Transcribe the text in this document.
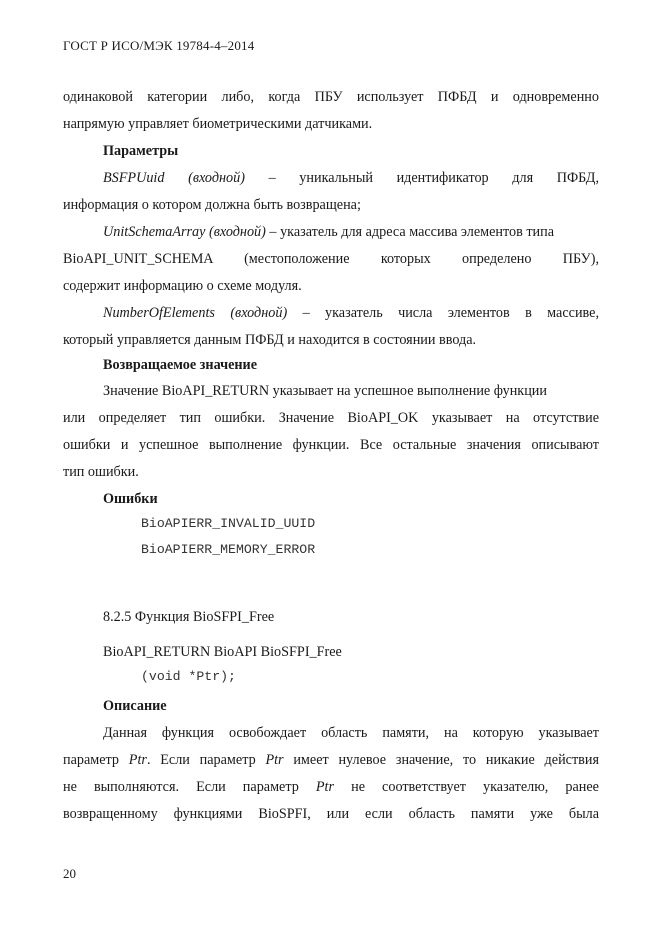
ГОСТ Р ИСО/МЭК 19784-4–2014
одинаковой категории либо, когда ПБУ использует ПФБД и одновременно
напрямую управляет биометрическими датчиками.
Параметры
BSFPUuid (входной) – уникальный идентификатор для ПФБД,
информация о котором должна быть возвращена;
UnitSchemaArray (входной) – указатель для адреса массива элементов типа
BioAPI_UNIT_SCHEMA (местоположение которых определено ПБУ),
содержит информацию о схеме модуля.
NumberOfElements (входной) – указатель числа элементов в массиве,
который управляется данным ПФБД и находится в состоянии ввода.
Возвращаемое значение
Значение BioAPI_RETURN указывает на успешное выполнение функции
или определяет тип ошибки. Значение BioAPI_OK указывает на отсутствие
ошибки и успешное выполнение функции. Все остальные значения описывают
тип ошибки.
Ошибки
BioAPIERR_INVALID_UUID
BioAPIERR_MEMORY_ERROR
8.2.5 Функция BioSFPI_Free
BioAPI_RETURN BioAPI BioSFPI_Free
(void *Ptr);
Описание
Данная функция освобождает область памяти, на которую указывает
параметр Ptr. Если параметр Ptr имеет нулевое значение, то никакие действия
не выполняются. Если параметр Ptr не соответствует указателю, ранее
возвращенному функциями BioSPFI, или если область памяти уже была
20
